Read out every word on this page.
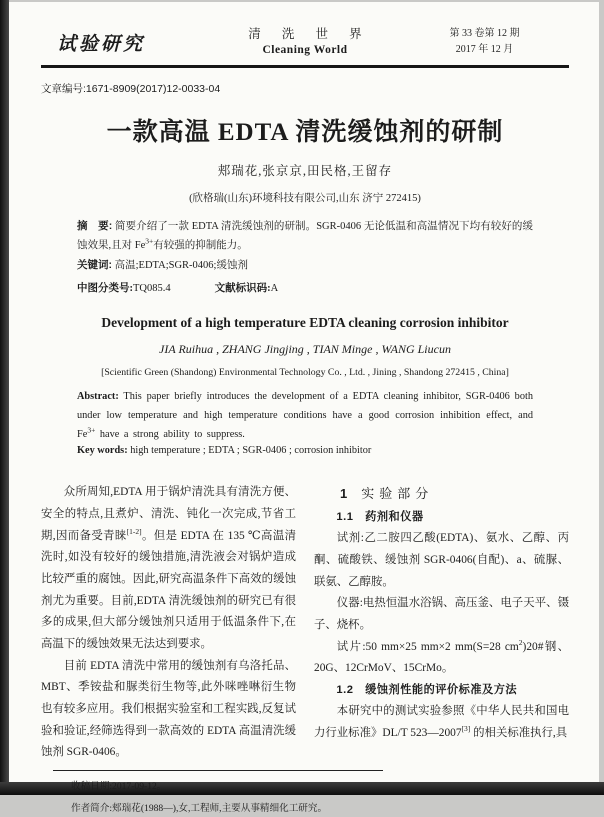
试验研究	清 洗 世 界
Cleaning World
第 33 卷第 12 期
2017 年 12 月
文章编号:1671-8909(2017)12-0033-04
一款高温 EDTA 清洗缓蚀剂的研制
郏瑞花,张京京,田民格,王留存
(欣格瑞(山东)环境科技有限公司,山东 济宁 272415)
摘　要: 简要介绍了一款 EDTA 清洗缓蚀剂的研制。SGR-0406 无论低温和高温情况下均有较好的缓蚀效果,且对 $Fe^{3+}$有较强的抑制能力。
关键词: 高温;EDTA;SGR-0406;缓蚀剂
中图分类号:TQ085.4	文献标识码:A
Development of a high temperature EDTA cleaning corrosion inhibitor
JIA Ruihua , ZHANG Jingjing , TIAN Minge , WANG Liucun
[Scientific Green (Shandong) Environmental Technology Co. , Ltd. , Jining , Shandong 272415 , China]
Abstract: This paper briefly introduces the development of a EDTA cleaning inhibitor, SGR-0406 both under low temperature and high temperature conditions have a good corrosion inhibition effect, and $Fe^{3+}$ have a strong ability to suppress.
Key words: high temperature ; EDTA ; SGR-0406 ; corrosion inhibitor

众所周知,EDTA 用于锅炉清洗具有清洗方便、安全的特点,且煮炉、清洗、钝化一次完成,节省工期,因而备受青睐[1-2]。但是 EDTA 在 135 ℃高温清洗时,如没有较好的缓蚀措施,清洗液会对锅炉造成比较严重的腐蚀。因此,研究高温条件下高效的缓蚀剂尤为重要。目前,EDTA 清洗缓蚀剂的研究已有很多的成果,但大部分缓蚀剂只适用于低温条件下,在高温下的缓蚀效果无法达到要求。

目前 EDTA 清洗中常用的缓蚀剂有乌洛托品、MBT、季铵盐和脲类衍生物等,此外咪唑啉衍生物也有较多应用。我们根据实验室和工程实践,反复试验和验证,经筛选得到一款高效的 EDTA 高温清洗缓蚀剂 SGR-0406。

1 实验部分

1.1　药剂和仪器

试剂:乙二胺四乙酸(EDTA)、氨水、乙醇、丙酮、硫酸铁、缓蚀剂 SGR-0406(自配)、a、硫脲、联氨、乙醇胺。

仪器:电热恒温水浴锅、高压釜、电子天平、镊子、烧杯。

试片:50 mm×25 mm×2 mm(S=28 $cm^2)20\#$钢、20G、12CrMoV、15CrMo。

1.2　缓蚀剂性能的评价标准及方法

本研究中的测试实验参照《中华人民共和国电力行业标准》DL/T 523—2007[3] 的相关标准执行,具

收稿日期:2017-09-12。
作者简介:郏瑞花(1988—),女,工程师,主要从事精细化工研究。
